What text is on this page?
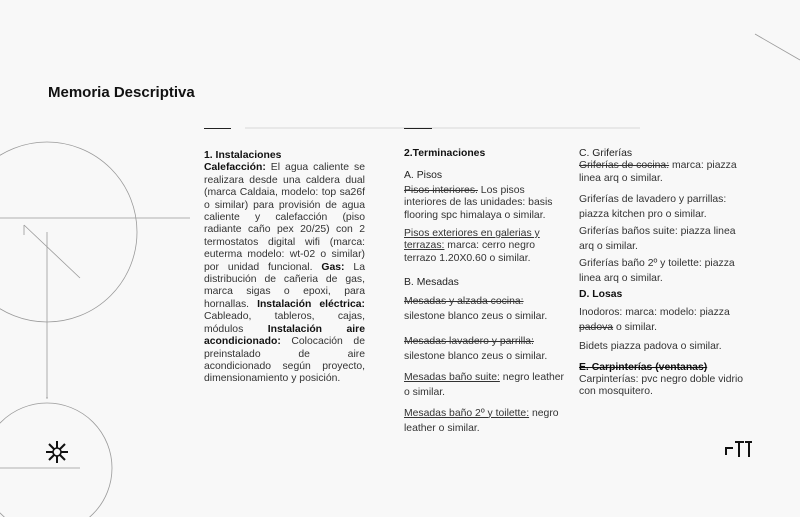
Memoria Descriptiva
1. Instalaciones
Calefacción: El agua caliente se realizara desde una caldera dual (marca Caldaia, modelo: top sa26f o similar) para provisión de agua caliente y calefacción (piso radiante caño pex 20/25) con 2 termostatos digital wifi (marca: euterma modelo: wt-02 o similar) por unidad funcional. Gas: La distribución de cañeria de gas, marca sigas o epoxi, para hornallas. Instalación eléctrica: Cableado, tableros, cajas, módulos Instalación aire acondicionado: Colocación de preinstalado de aire acondicionado según proyecto, dimensionamiento y posición.
2.Terminaciones
A. Pisos
Pisos interiores. Los pisos interiores de las unidades: basis flooring spc himalaya o similar.
Pisos exteriores en galerias y terrazas: marca: cerro negro terrazo 1.20X0.60 o similar.
B. Mesadas
Mesadas y alzada cocina: silestone blanco zeus o similar.
Mesadas lavadero y parrilla: silestone blanco zeus o similar.
Mesadas baño suite: negro leather o similar.
Mesadas baño 2º y toilette: negro leather o similar.
C. Griferías
Griferías de cocina: marca: piazza linea arq o similar.
Griferías de lavadero y parrillas: piazza kitchen pro o similar.
Griferías baños suite: piazza linea arq o similar.
Griferías baño 2º y toilette: piazza linea arq o similar.
D. Losas
Inodoros: marca: modelo: piazza padova o similar.
Bidets piazza padova o similar.
E. Carpinterías (ventanas)
Carpinterías: pvc negro doble vidrio con mosquitero.
